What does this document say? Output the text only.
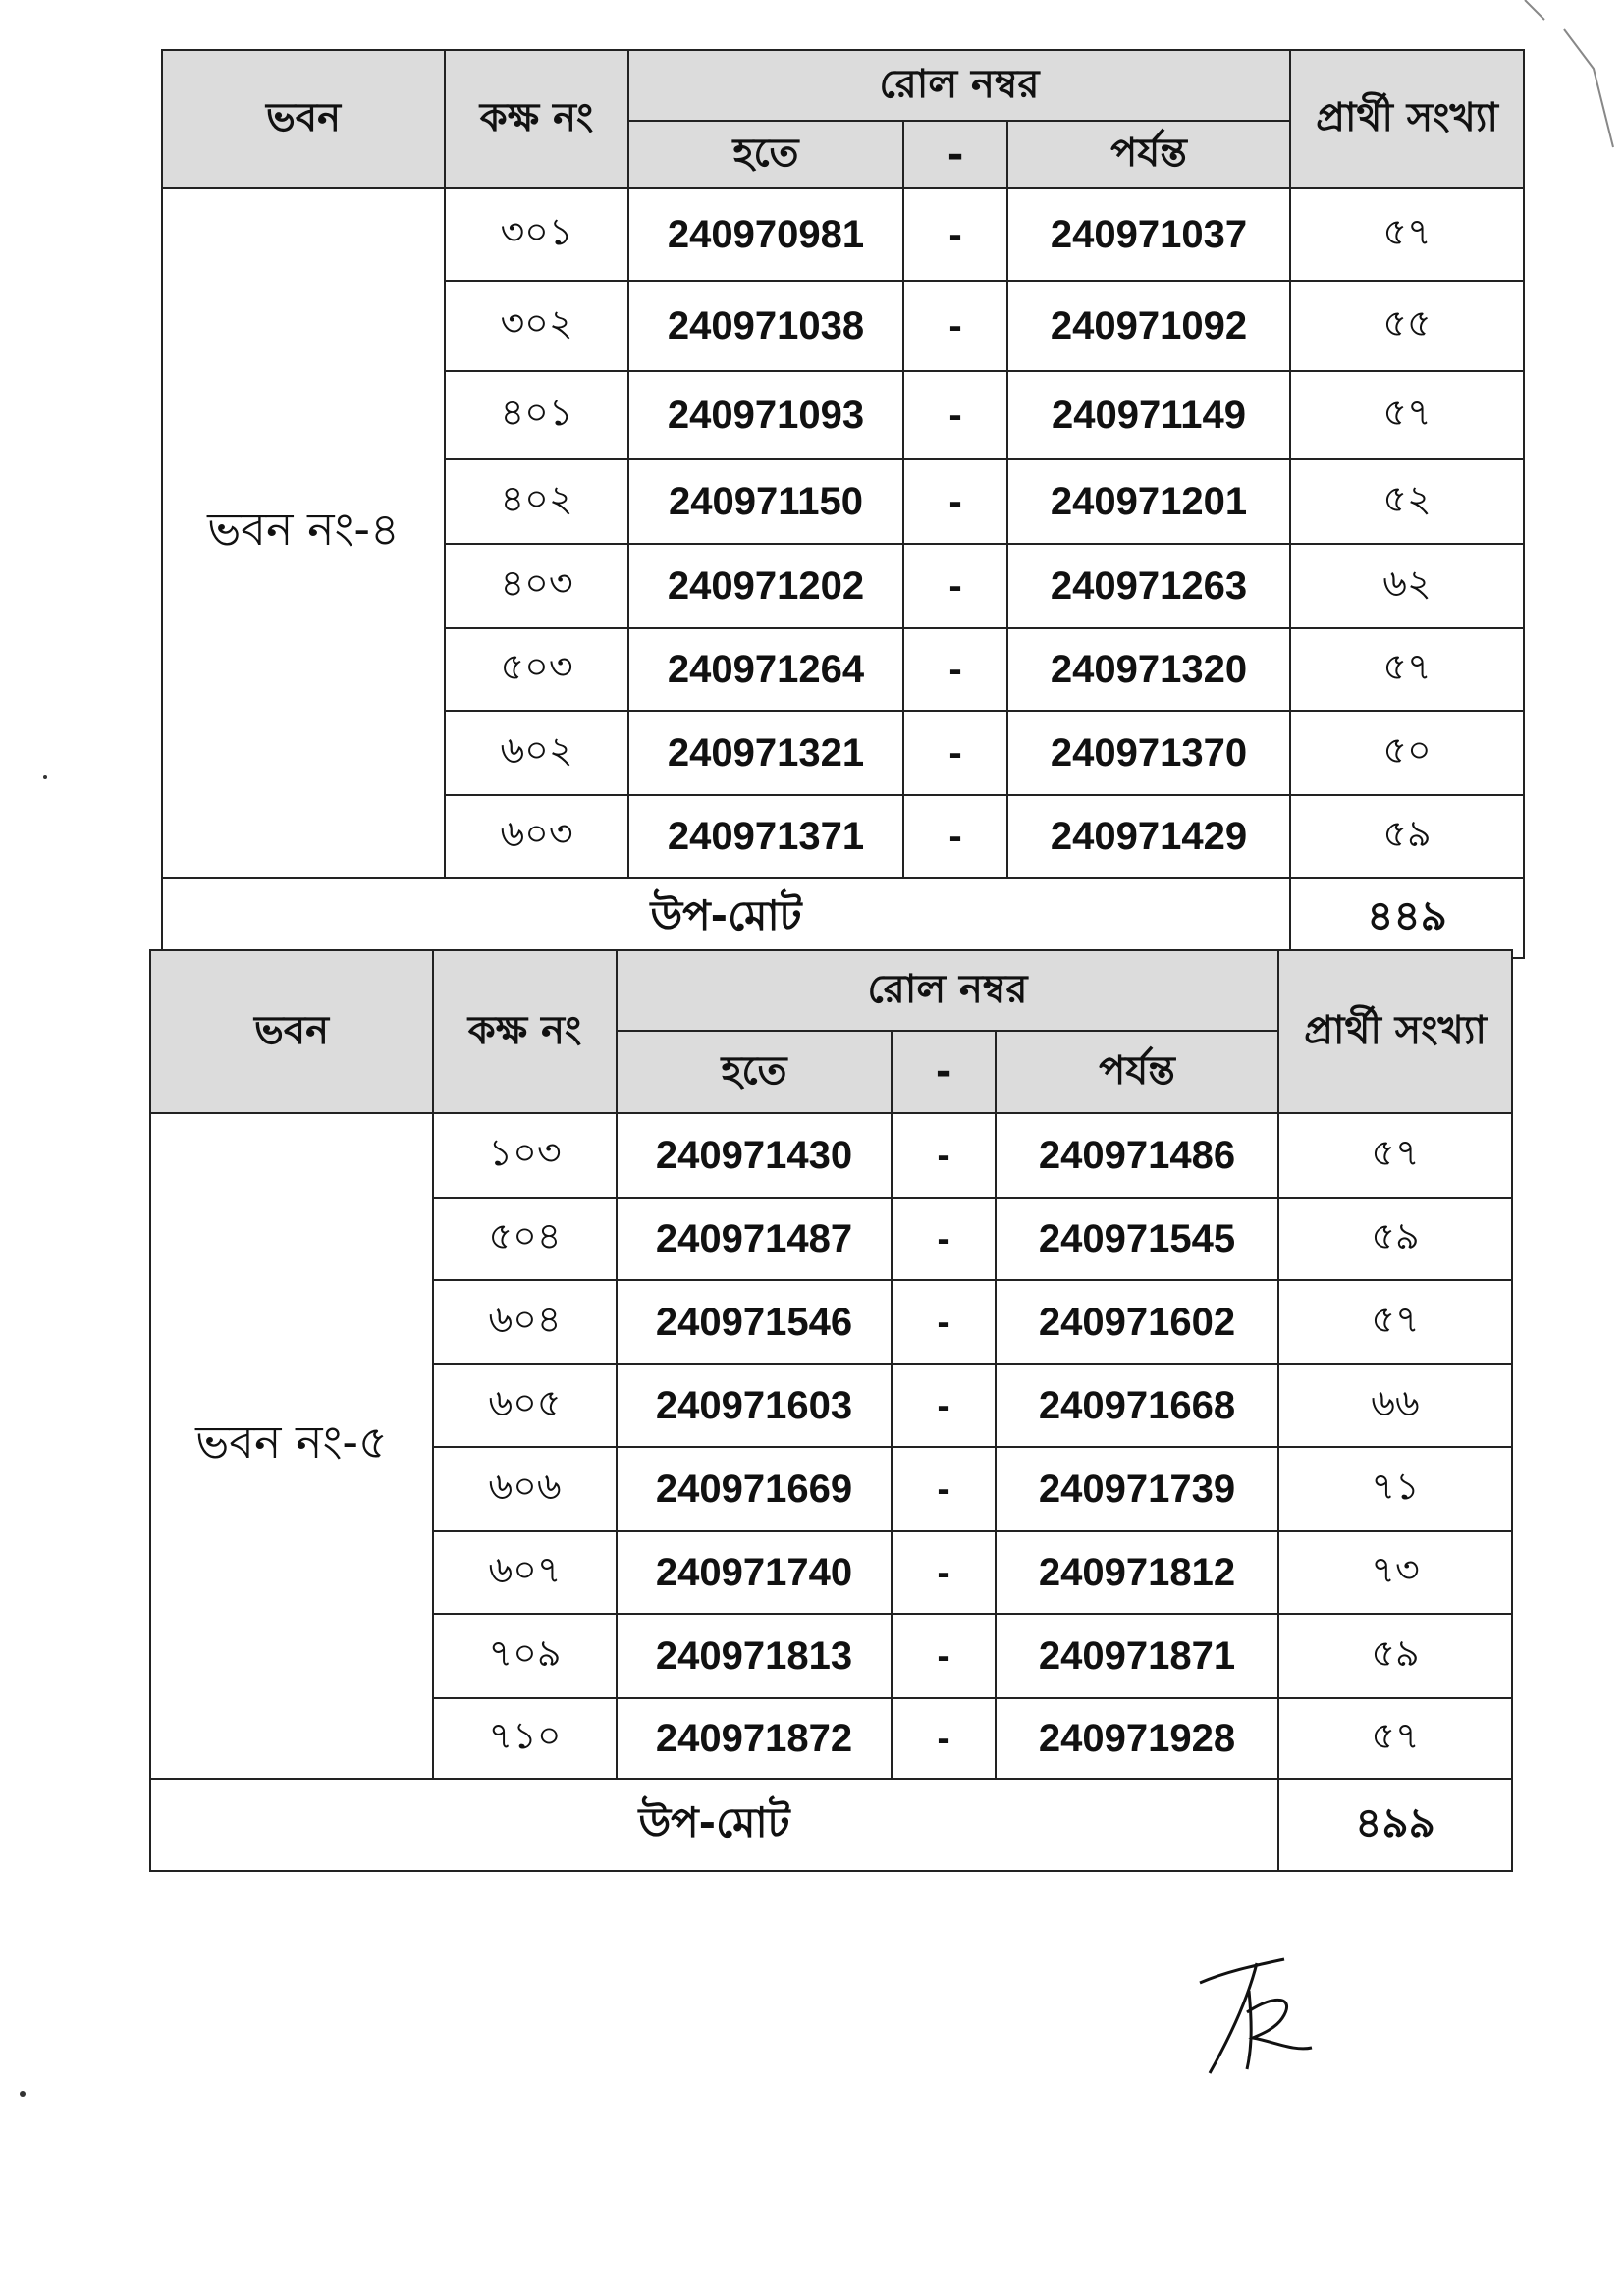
ভবন	কক্ষ নং	রোল নম্বর			প্রার্থী সংখ্যা
		হতে	-	পর্যন্ত	
ভবন নং-৪	৩০১	240970981	-	240971037	৫৭
	৩০২	240971038	-	240971092	৫৫
	৪০১	240971093	-	240971149	৫৭
	৪০২	240971150	-	240971201	৫২
	৪০৩	240971202	-	240971263	৬২
	৫০৩	240971264	-	240971320	৫৭
	৬০২	240971321	-	240971370	৫০
	৬০৩	240971371	-	240971429	৫৯
উপ-মোট					৪৪৯
ভবন	কক্ষ নং	রোল নম্বর			প্রার্থী সংখ্যা
		হতে	-	পর্যন্ত	
ভবন নং-৫	১০৩	240971430	-	240971486	৫৭
	৫০৪	240971487	-	240971545	৫৯
	৬০৪	240971546	-	240971602	৫৭
	৬০৫	240971603	-	240971668	৬৬
	৬০৬	240971669	-	240971739	৭১
	৬০৭	240971740	-	240971812	৭৩
	৭০৯	240971813	-	240971871	৫৯
	৭১০	240971872	-	240971928	৫৭
উপ-মোট					৪৯৯
